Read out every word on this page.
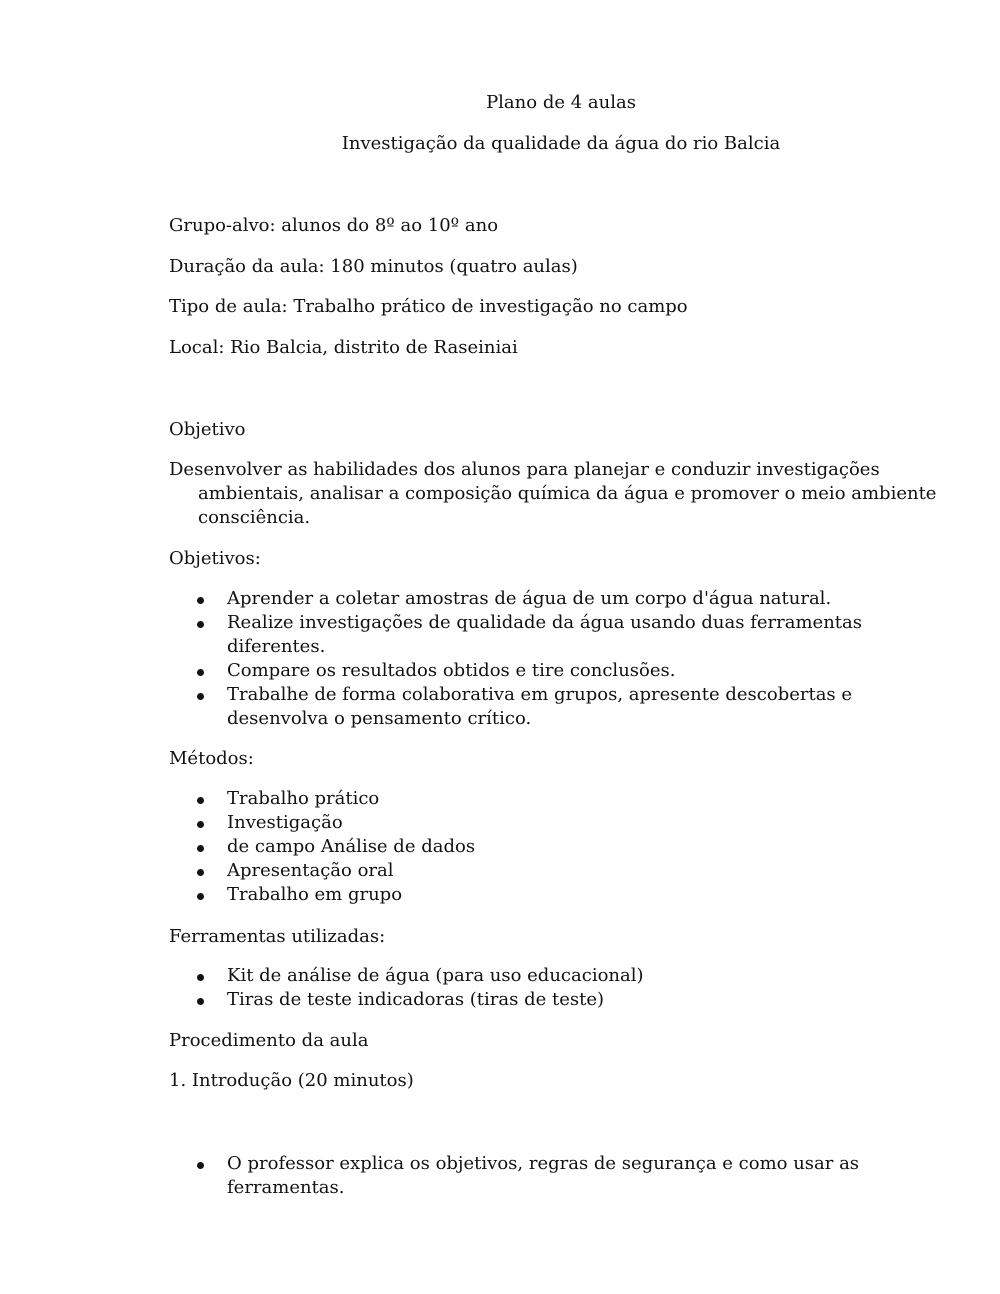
Plano de 4 aulas
Investigação da qualidade da água do rio Balcia
Grupo-alvo: alunos do 8º ao 10º ano
Duração da aula: 180 minutos (quatro aulas)
Tipo de aula: Trabalho prático de investigação no campo
Local: Rio Balcia, distrito de Raseiniai
Objetivo
Desenvolver as habilidades dos alunos para planejar e conduzir investigações ambientais, analisar a composição química da água e promover o meio ambiente consciência.
Objetivos:
Aprender a coletar amostras de água de um corpo d'água natural.
Realize investigações de qualidade da água usando duas ferramentas diferentes.
Compare os resultados obtidos e tire conclusões.
Trabalhe de forma colaborativa em grupos, apresente descobertas e desenvolva o pensamento crítico.
Métodos:
Trabalho prático
Investigação
de campo Análise de dados
Apresentação oral
Trabalho em grupo
Ferramentas utilizadas:
Kit de análise de água (para uso educacional)
Tiras de teste indicadoras (tiras de teste)
Procedimento da aula
1. Introdução (20 minutos)
O professor explica os objetivos, regras de segurança e como usar as ferramentas.
